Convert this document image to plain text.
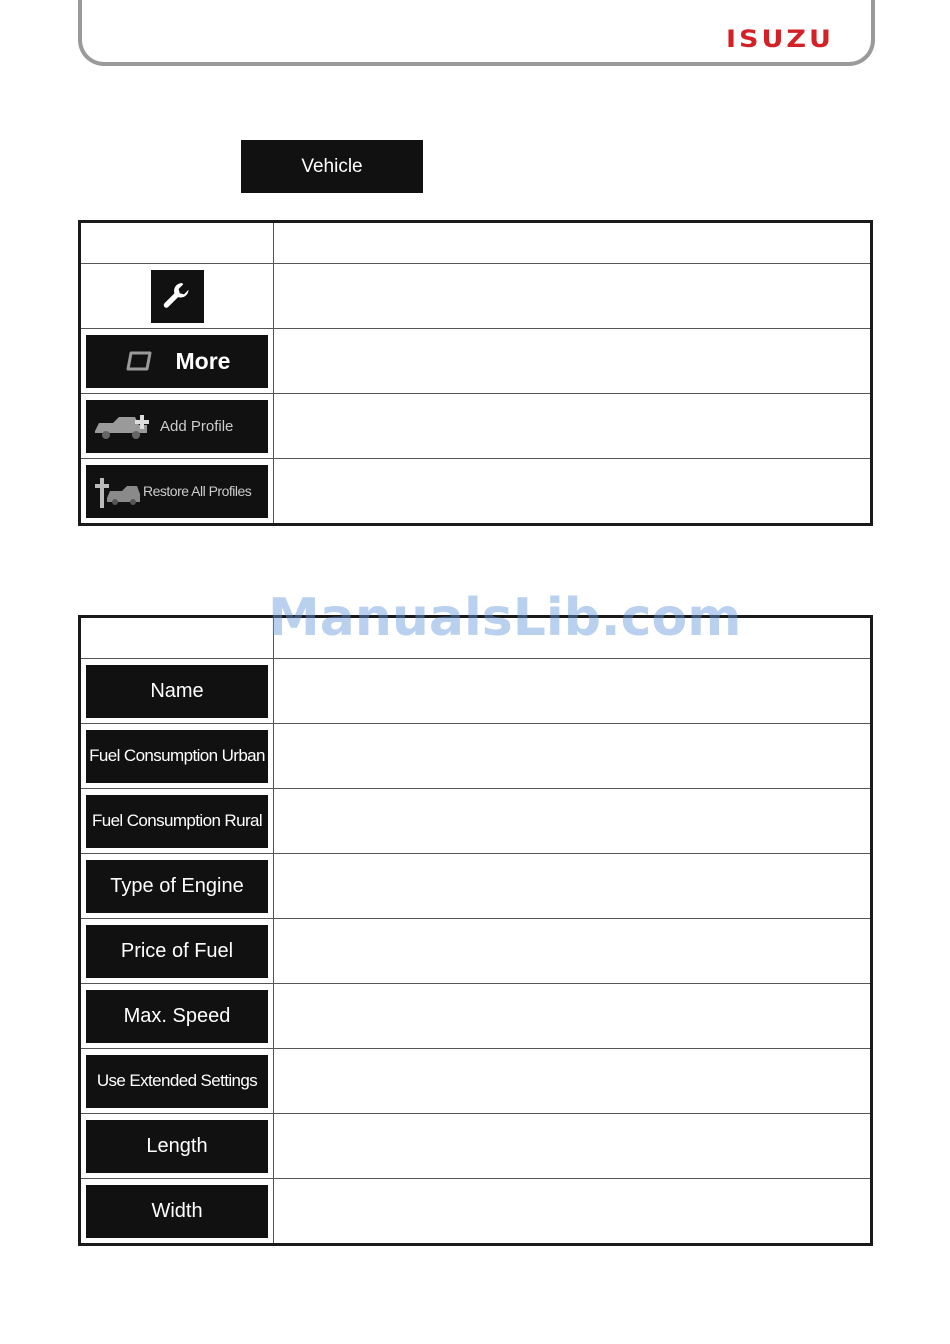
ISUZU
Vehicle

More	

Add Profile	

Restore All Profiles	

Name	

Fuel Consumption Urban	

Fuel Consumption Rural	

Type of Engine	

Price of Fuel	

Max. Speed	

Use Extended Settings	

Length	

Width	

ManualsLib.com
